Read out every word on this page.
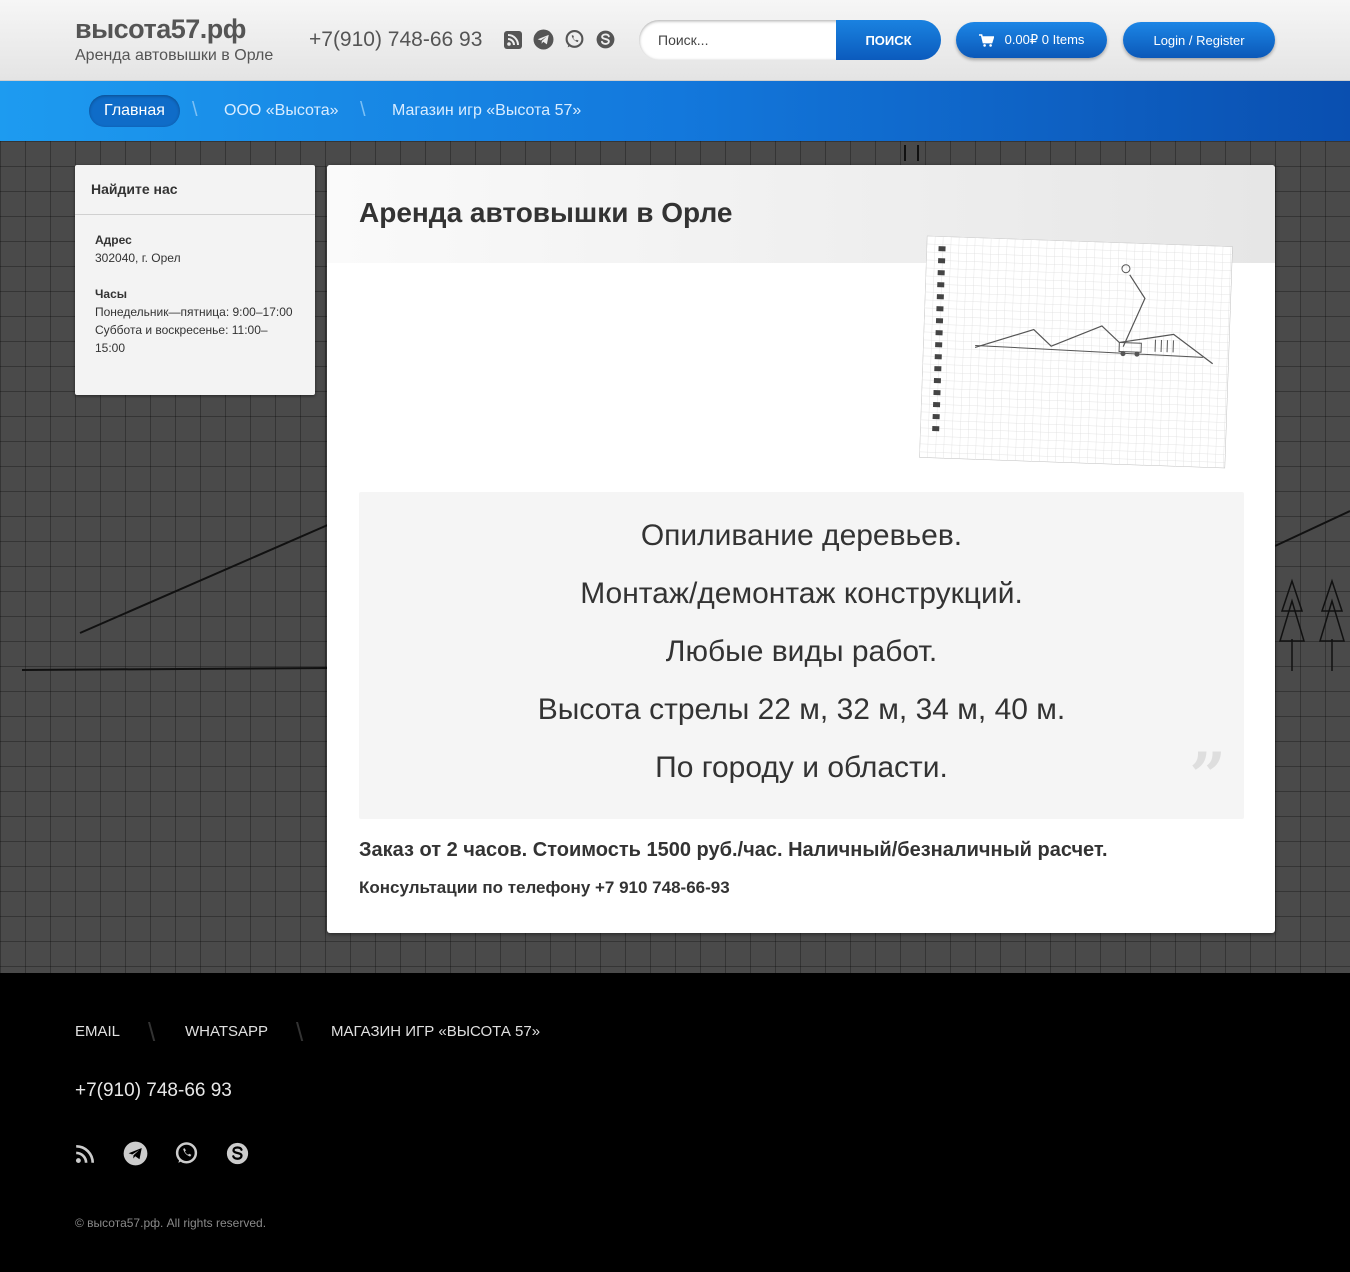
высота57.рф
Аренда автовышки в Орле
+7(910) 748-66 93
Поиск...	ПОИСК	0.00₽ 0 Items	Login / Register
Главная	\ ООО «Высота» \ Магазин игр «Высота 57»
Найдите нас
Адрес
302040, г. Орел
Часы
Понедельник—пятница: 9:00–17:00
Суббота и воскресенье: 11:00–15:00
Аренда автовышки в Орле
Опиливание деревьев.
Монтаж/демонтаж конструкций.
Любые виды работ.
Высота стрелы 22 м, 32 м, 34 м, 40 м.
По городу и области.	”
Заказ от 2 часов. Стоимость 1500 руб./час. Наличный/безналичный расчет.
Консультации по телефону +7 910 748-66-93
EMAIL \ WHATSAPP \ МАГАЗИН ИГР «ВЫСОТА 57»
+7(910) 748-66 93
© высота57.рф. All rights reserved.
